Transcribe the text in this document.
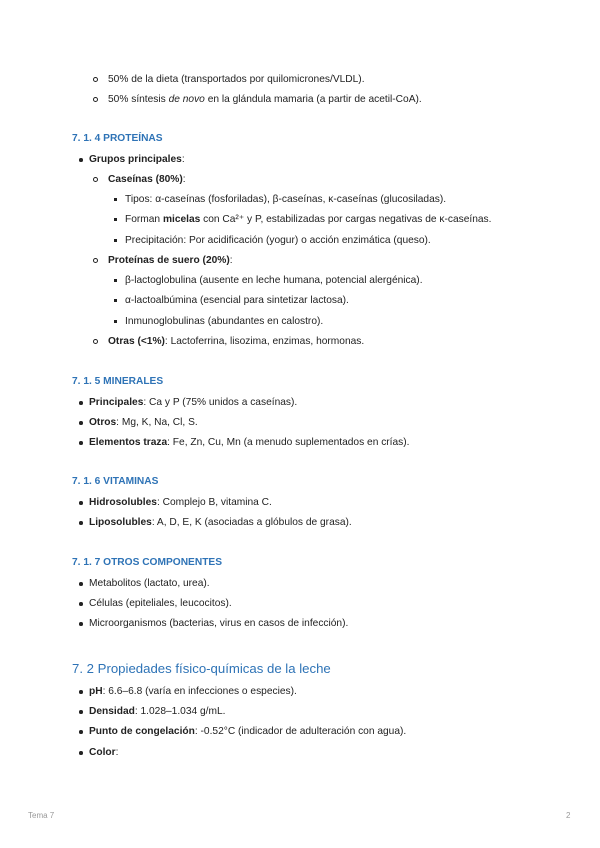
50% de la dieta (transportados por quilomicrones/VLDL).
50% síntesis de novo en la glándula mamaria (a partir de acetil-CoA).
7. 1. 4 PROTEÍNAS
Grupos principales:
Caseínas (80%):
Tipos: α-caseínas (fosforiladas), β-caseínas, κ-caseínas (glucosiladas).
Forman micelas con Ca²⁺ y P, estabilizadas por cargas negativas de κ-caseínas.
Precipitación: Por acidificación (yogur) o acción enzimática (queso).
Proteínas de suero (20%):
β-lactoglobulina (ausente en leche humana, potencial alergénica).
α-lactoalbúmina (esencial para sintetizar lactosa).
Inmunoglobulinas (abundantes en calostro).
Otras (<1%): Lactoferrina, lisozima, enzimas, hormonas.
7. 1. 5 MINERALES
Principales: Ca y P (75% unidos a caseínas).
Otros: Mg, K, Na, Cl, S.
Elementos traza: Fe, Zn, Cu, Mn (a menudo suplementados en crías).
7. 1. 6 VITAMINAS
Hidrosolubles: Complejo B, vitamina C.
Liposolubles: A, D, E, K (asociadas a glóbulos de grasa).
7. 1. 7 OTROS COMPONENTES
Metabolitos (lactato, urea).
Células (epiteliales, leucocitos).
Microorganismos (bacterias, virus en casos de infección).
7. 2 Propiedades físico-químicas de la leche
pH: 6.6–6.8 (varía en infecciones o especies).
Densidad: 1.028–1.034 g/mL.
Punto de congelación: -0.52°C (indicador de adulteración con agua).
Color:
Tema 7	2
